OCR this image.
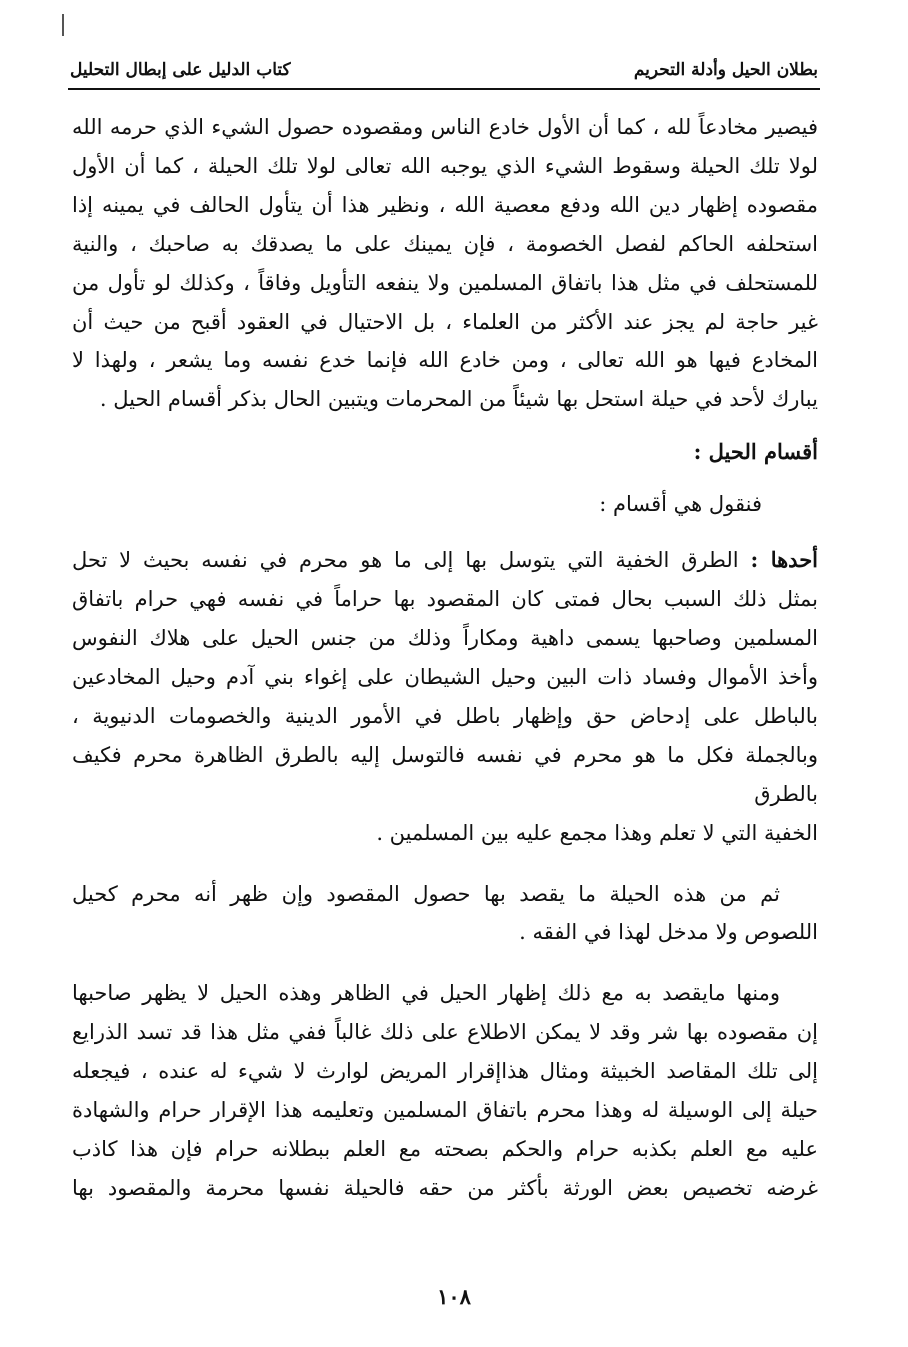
بطلان الحيل وأدلة التحريم
كتاب الدليل على إبطال التحليل
فيصير مخادعاً لله ، كما أن الأول خادع الناس ومقصوده حصول الشيء الذي حرمه الله
لولا تلك الحيلة وسقوط الشيء الذي يوجبه الله تعالى لولا تلك الحيلة ، كما أن الأول
مقصوده إظهار دين الله ودفع معصية الله ، ونظير هذا أن يتأول الحالف في يمينه إذا
استحلفه الحاكم لفصل الخصومة ، فإن يمينك على ما يصدقك به صاحبك ، والنية
للمستحلف في مثل هذا باتفاق المسلمين ولا ينفعه التأويل وفاقاً ، وكذلك لو تأول من
غير حاجة لم يجز عند الأكثر من العلماء ، بل الاحتيال في العقود أقبح من حيث أن
المخادع فيها هو الله تعالى ، ومن خادع الله فإنما خدع نفسه وما يشعر ، ولهذا لا
يبارك لأحد في حيلة استحل بها شيئاً من المحرمات ويتبين الحال بذكر أقسام الحيل .
أقسام الحيل :
فنقول هي أقسام :
أحدها : الطرق الخفية التي يتوسل بها إلى ما هو محرم في نفسه بحيث لا تحل
بمثل ذلك السبب بحال فمتى كان المقصود بها حراماً في نفسه فهي حرام باتفاق
المسلمين وصاحبها يسمى داهية ومكاراً وذلك من جنس الحيل على هلاك النفوس
وأخذ الأموال وفساد ذات البين وحيل الشيطان على إغواء بني آدم وحيل المخادعين
بالباطل على إدحاض حق وإظهار باطل في الأمور الدينية والخصومات الدنيوية ،
وبالجملة فكل ما هو محرم في نفسه فالتوسل إليه بالطرق الظاهرة محرم فكيف بالطرق
الخفية التي لا تعلم وهذا مجمع عليه بين المسلمين .
ثم من هذه الحيلة ما يقصد بها حصول المقصود وإن ظهر أنه محرم كحيل
اللصوص ولا مدخل لهذا في الفقه .
ومنها مايقصد به مع ذلك إظهار الحيل في الظاهر وهذه الحيل لا يظهر صاحبها
إن مقصوده بها شر وقد لا يمكن الاطلاع على ذلك غالباً ففي مثل هذا قد تسد الذرايع
إلى تلك المقاصد الخبيثة ومثال هذاإقرار المريض لوارث لا شيء له عنده ، فيجعله
حيلة إلى الوسيلة له وهذا محرم باتفاق المسلمين وتعليمه هذا الإقرار حرام والشهادة
عليه مع العلم بكذبه حرام والحكم بصحته مع العلم ببطلانه حرام فإن هذا كاذب
غرضه تخصيص بعض الورثة بأكثر من حقه فالحيلة نفسها محرمة والمقصود بها
١٠٨
